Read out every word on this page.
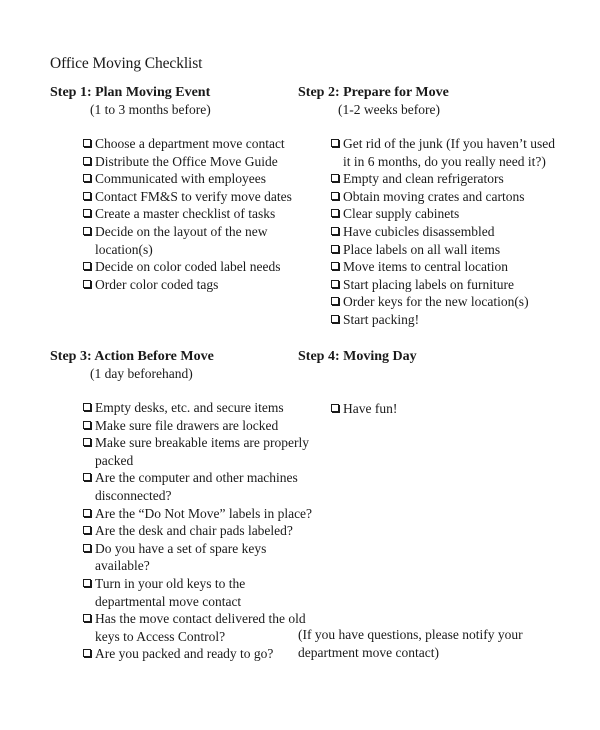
Office Moving Checklist
Step 1: Plan Moving Event
(1 to 3 months before)
Choose a department move contact
Distribute the Office Move Guide
Communicated with employees
Contact FM&S to verify move dates
Create a master checklist of tasks
Decide on the layout of the new
location(s)
Decide on color coded label needs
Order color coded tags
Step 2: Prepare for Move
(1-2 weeks before)
Get rid of the junk (If you haven’t used
it in 6 months, do you really need it?)
Empty and clean refrigerators
Obtain moving crates and cartons
Clear supply cabinets
Have cubicles disassembled
Place labels on all wall items
Move items to central location
Start placing labels on furniture
Order keys for the new location(s)
Start packing!
Step 3: Action Before Move
(1 day beforehand)
Empty desks, etc. and secure items
Make sure file drawers are locked
Make sure breakable items are properly
packed
Are the computer and other machines
disconnected?
Are the “Do Not Move” labels in place?
Are the desk and chair pads labeled?
Do you have a set of spare keys
available?
Turn in your old keys to the
departmental move contact
Has the move contact delivered the old
keys to Access Control?
Are you packed and ready to go?
Step 4: Moving Day
Have fun!
(If you have questions, please notify your
department move contact)
